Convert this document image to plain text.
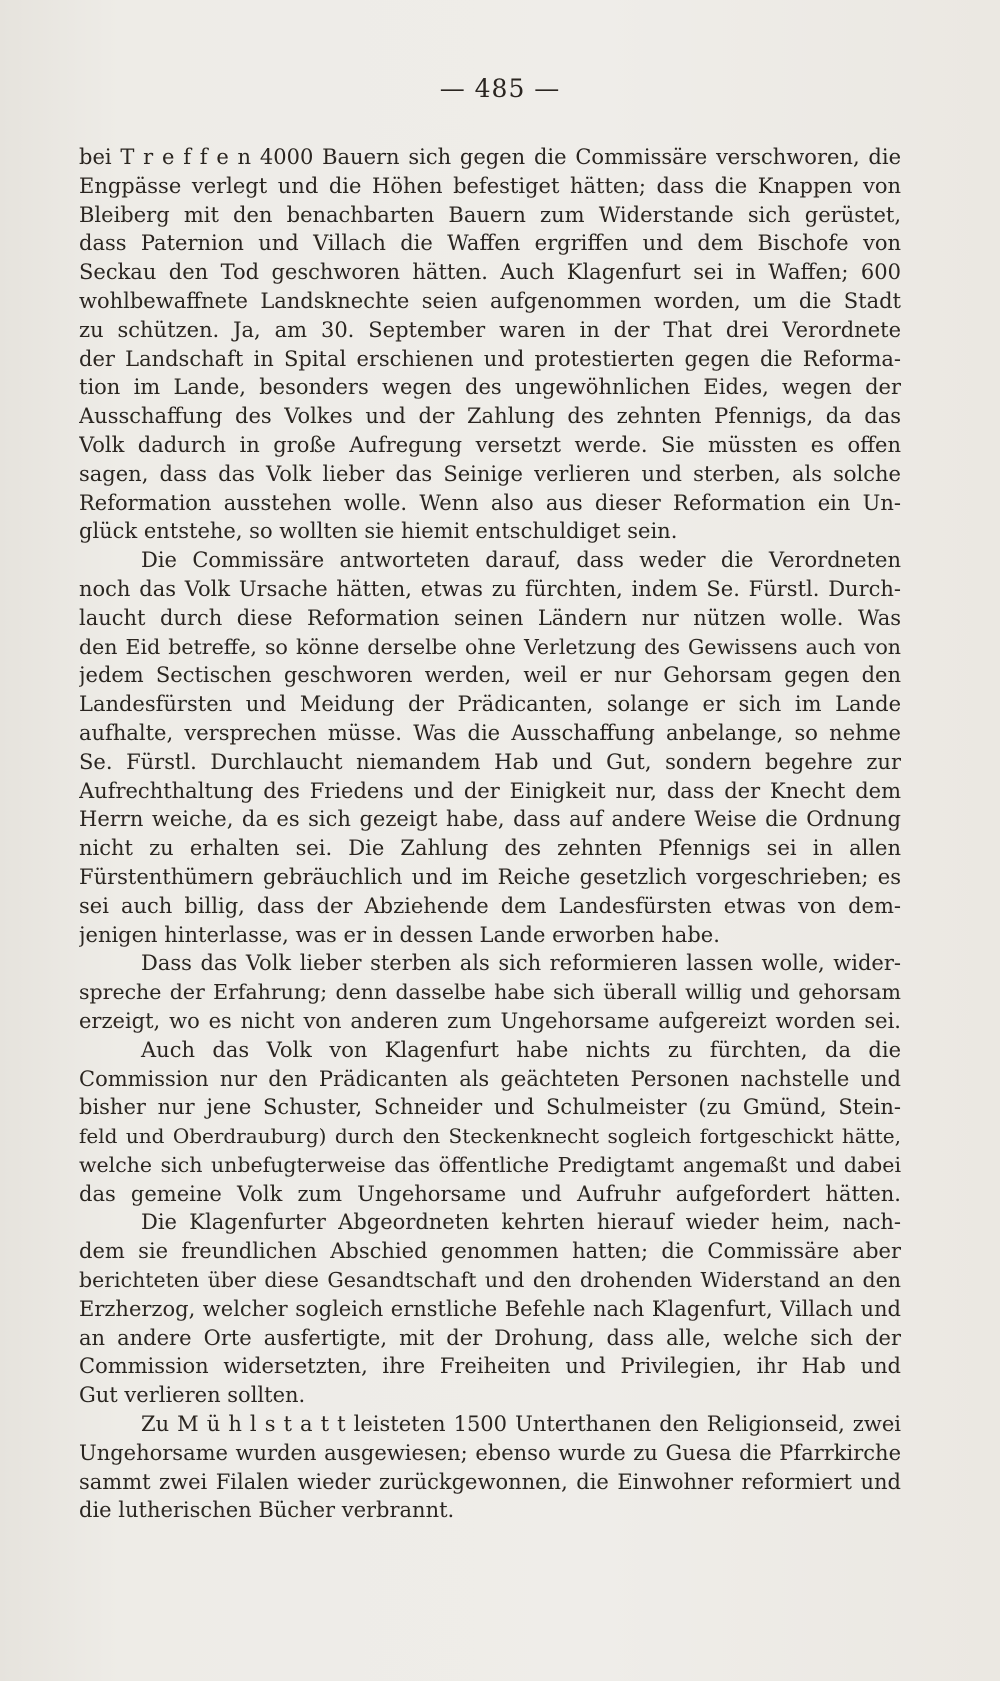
— 485 —
bei T r e f f e n 4000 Bauern sich gegen die Commissäre verschworen, die
Engpässe verlegt und die Höhen befestiget hätten; dass die Knappen von
Bleiberg mit den benachbarten Bauern zum Widerstande sich gerüstet,
dass Paternion und Villach die Waffen ergriffen und dem Bischofe von
Seckau den Tod geschworen hätten. Auch Klagenfurt sei in Waffen; 600
wohlbewaffnete Landsknechte seien aufgenommen worden, um die Stadt
zu schützen. Ja, am 30. September waren in der That drei Verordnete
der Landschaft in Spital erschienen und protestierten gegen die Reforma-
tion im Lande, besonders wegen des ungewöhnlichen Eides, wegen der
Ausschaffung des Volkes und der Zahlung des zehnten Pfennigs, da das
Volk dadurch in große Aufregung versetzt werde. Sie müssten es offen
sagen, dass das Volk lieber das Seinige verlieren und sterben, als solche
Reformation ausstehen wolle. Wenn also aus dieser Reformation ein Un-
glück entstehe, so wollten sie hiemit entschuldiget sein.
Die Commissäre antworteten darauf, dass weder die Verordneten
noch das Volk Ursache hätten, etwas zu fürchten, indem Se. Fürstl. Durch-
laucht durch diese Reformation seinen Ländern nur nützen wolle. Was
den Eid betreffe, so könne derselbe ohne Verletzung des Gewissens auch von
jedem Sectischen geschworen werden, weil er nur Gehorsam gegen den
Landesfürsten und Meidung der Prädicanten, solange er sich im Lande
aufhalte, versprechen müsse. Was die Ausschaffung anbelange, so nehme
Se. Fürstl. Durchlaucht niemandem Hab und Gut, sondern begehre zur
Aufrechthaltung des Friedens und der Einigkeit nur, dass der Knecht dem
Herrn weiche, da es sich gezeigt habe, dass auf andere Weise die Ordnung
nicht zu erhalten sei. Die Zahlung des zehnten Pfennigs sei in allen
Fürstenthümern gebräuchlich und im Reiche gesetzlich vorgeschrieben; es
sei auch billig, dass der Abziehende dem Landesfürsten etwas von dem-
jenigen hinterlasse, was er in dessen Lande erworben habe.
Dass das Volk lieber sterben als sich reformieren lassen wolle, wider-
spreche der Erfahrung; denn dasselbe habe sich überall willig und gehorsam
erzeigt, wo es nicht von anderen zum Ungehorsame aufgereizt worden sei.
Auch das Volk von Klagenfurt habe nichts zu fürchten, da die
Commission nur den Prädicanten als geächteten Personen nachstelle und
bisher nur jene Schuster, Schneider und Schulmeister (zu Gmünd, Stein-
feld und Oberdrauburg) durch den Steckenknecht sogleich fortgeschickt hätte,
welche sich unbefugterweise das öffentliche Predigtamt angemaßt und dabei
das gemeine Volk zum Ungehorsame und Aufruhr aufgefordert hätten.
Die Klagenfurter Abgeordneten kehrten hierauf wieder heim, nach-
dem sie freundlichen Abschied genommen hatten; die Commissäre aber
berichteten über diese Gesandtschaft und den drohenden Widerstand an den
Erzherzog, welcher sogleich ernstliche Befehle nach Klagenfurt, Villach und
an andere Orte ausfertigte, mit der Drohung, dass alle, welche sich der
Commission widersetzten, ihre Freiheiten und Privilegien, ihr Hab und
Gut verlieren sollten.
Zu M ü h l s t a t t leisteten 1500 Unterthanen den Religionseid, zwei
Ungehorsame wurden ausgewiesen; ebenso wurde zu Guesa die Pfarrkirche
sammt zwei Filalen wieder zurückgewonnen, die Einwohner reformiert und
die lutherischen Bücher verbrannt.
